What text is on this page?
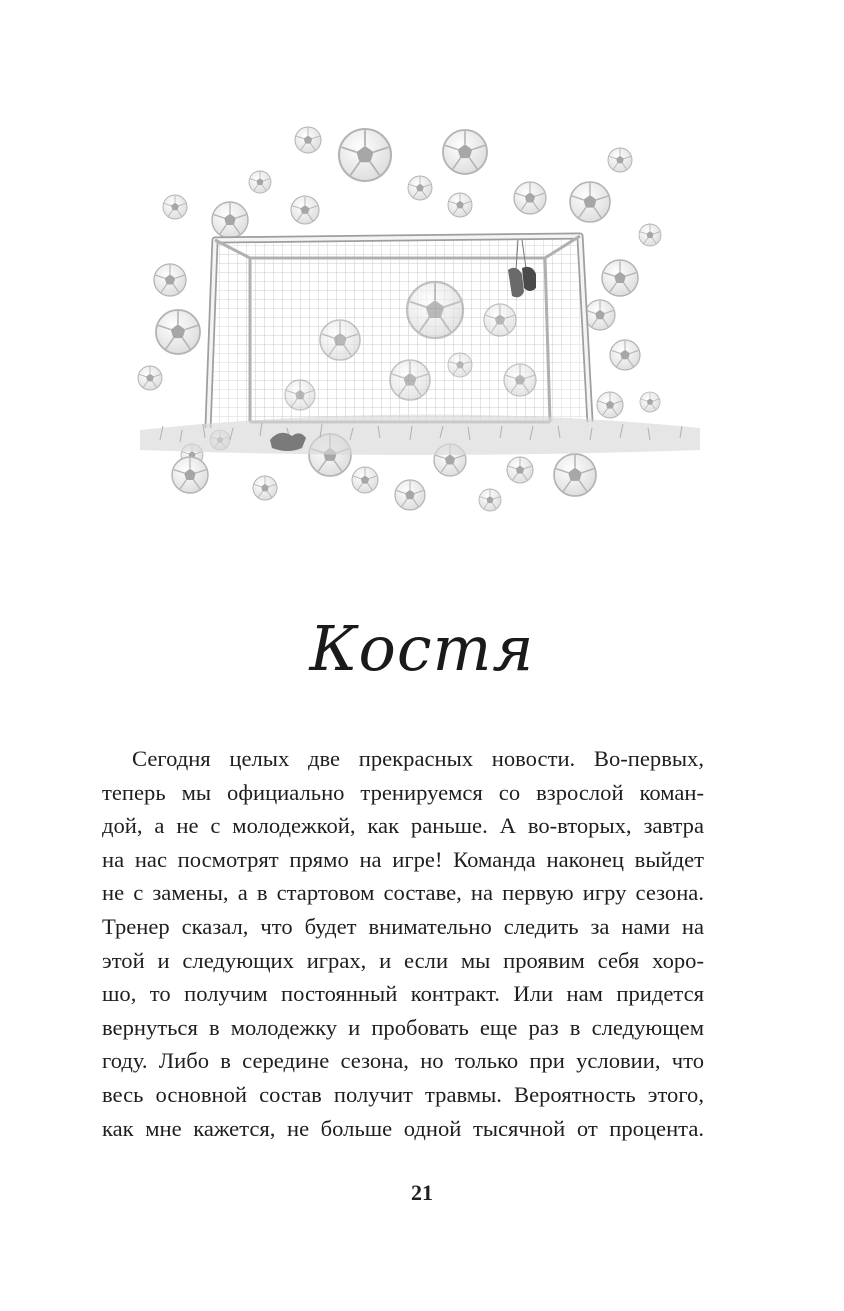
Костя
Сегодня целых две прекрасных новости. Во-первых,
теперь мы официально тренируемся со взрослой коман-
дой, а не с молодежкой, как раньше. А во-вторых, завтра
на нас посмотрят прямо на игре! Команда наконец выйдет
не с замены, а в стартовом составе, на первую игру сезона.
Тренер сказал, что будет внимательно следить за нами на
этой и следующих играх, и если мы проявим себя хоро-
шо, то получим постоянный контракт. Или нам придется
вернуться в молодежку и пробовать еще раз в следующем
году. Либо в середине сезона, но только при условии, что
весь основной состав получит травмы. Вероятность этого,
как мне кажется, не больше одной тысячной от процента.
21
